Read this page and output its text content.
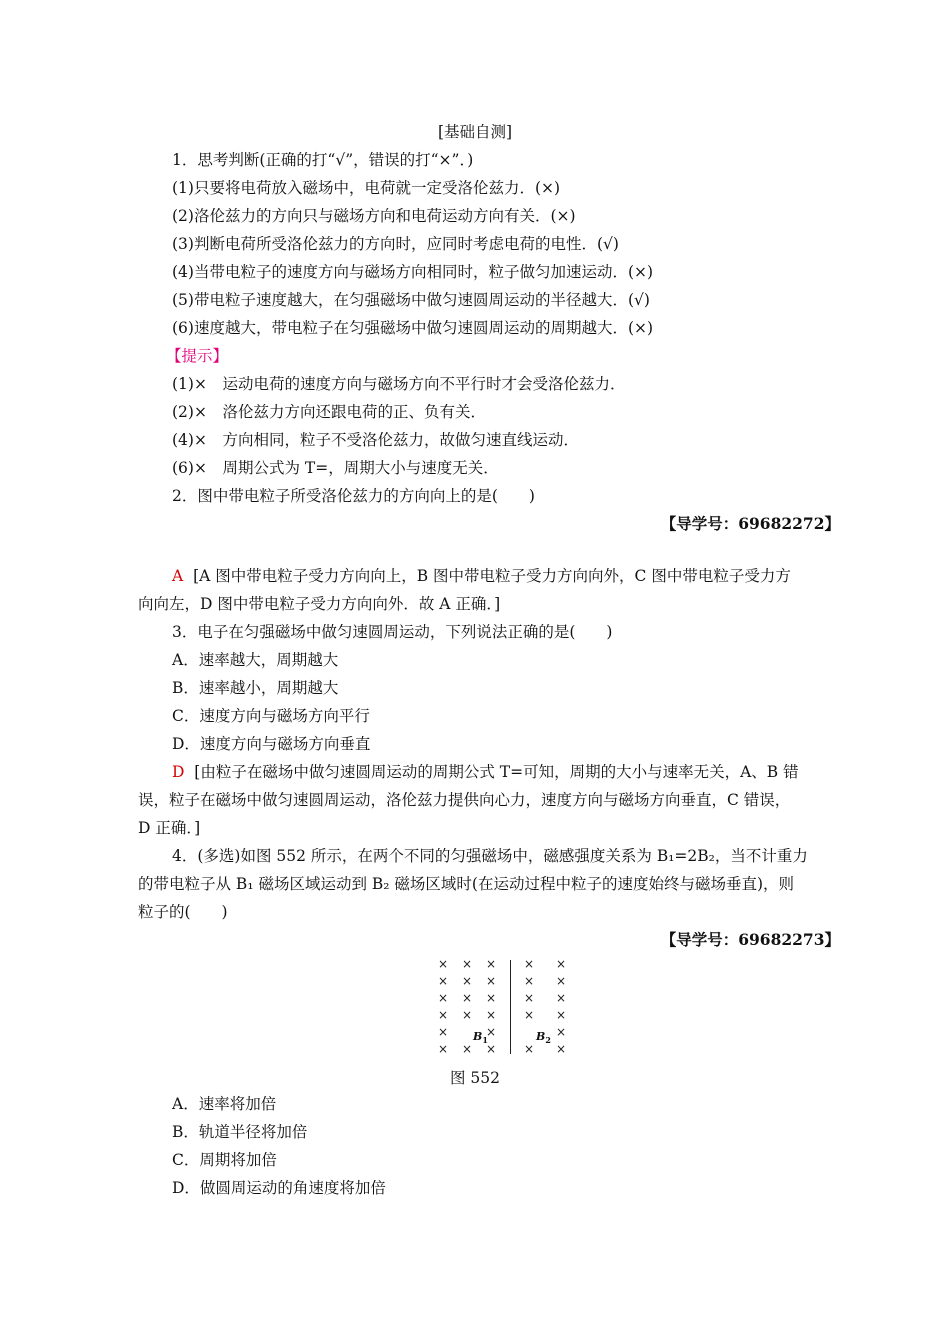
[基础自测]
1．思考判断(正确的打“√”，错误的打“×”．)
(1)只要将电荷放入磁场中，电荷就一定受洛伦兹力．(×)
(2)洛伦兹力的方向只与磁场方向和电荷运动方向有关．(×)
(3)判断电荷所受洛伦兹力的方向时，应同时考虑电荷的电性．(√)
(4)当带电粒子的速度方向与磁场方向相同时，粒子做匀加速运动．(×)
(5)带电粒子速度越大，在匀强磁场中做匀速圆周运动的半径越大．(√)
(6)速度越大，带电粒子在匀强磁场中做匀速圆周运动的周期越大．(×)
【提示】
(1)×　运动电荷的速度方向与磁场方向不平行时才会受洛伦兹力．
(2)×　洛伦兹力方向还跟电荷的正、负有关．
(4)×　方向相同，粒子不受洛伦兹力，故做匀速直线运动．
(6)×　周期公式为 T=，周期大小与速度无关．
2．图中带电粒子所受洛伦兹力的方向向上的是(　　)
【导学号：69682272】
A [A 图中带电粒子受力方向向上，B 图中带电粒子受力方向向外，C 图中带电粒子受力方
向向左，D 图中带电粒子受力方向向外．故 A 正确．]
3．电子在匀强磁场中做匀速圆周运动，下列说法正确的是(　　)
A．速率越大，周期越大
B．速率越小，周期越大
C．速度方向与磁场方向平行
D．速度方向与磁场方向垂直
D [由粒子在磁场中做匀速圆周运动的周期公式 T=可知，周期的大小与速率无关，A、B 错
误，粒子在磁场中做匀速圆周运动，洛伦兹力提供向心力，速度方向与磁场方向垂直，C 错误，
D 正确．]
4．(多选)如图 552 所示，在两个不同的匀强磁场中，磁感强度关系为 B₁=2B₂，当不计重力
的带电粒子从 B₁ 磁场区域运动到 B₂ 磁场区域时(在运动过程中粒子的速度始终与磁场垂直)，则
粒子的(　　)
【导学号：69682273】
$B_1$	$B_2$
× × × × ×
× × × × ×
× × × × ×
× × × × ×
×	×	×
× × × × ×
图 552
A．速率将加倍
B．轨道半径将加倍
C．周期将加倍
D．做圆周运动的角速度将加倍
